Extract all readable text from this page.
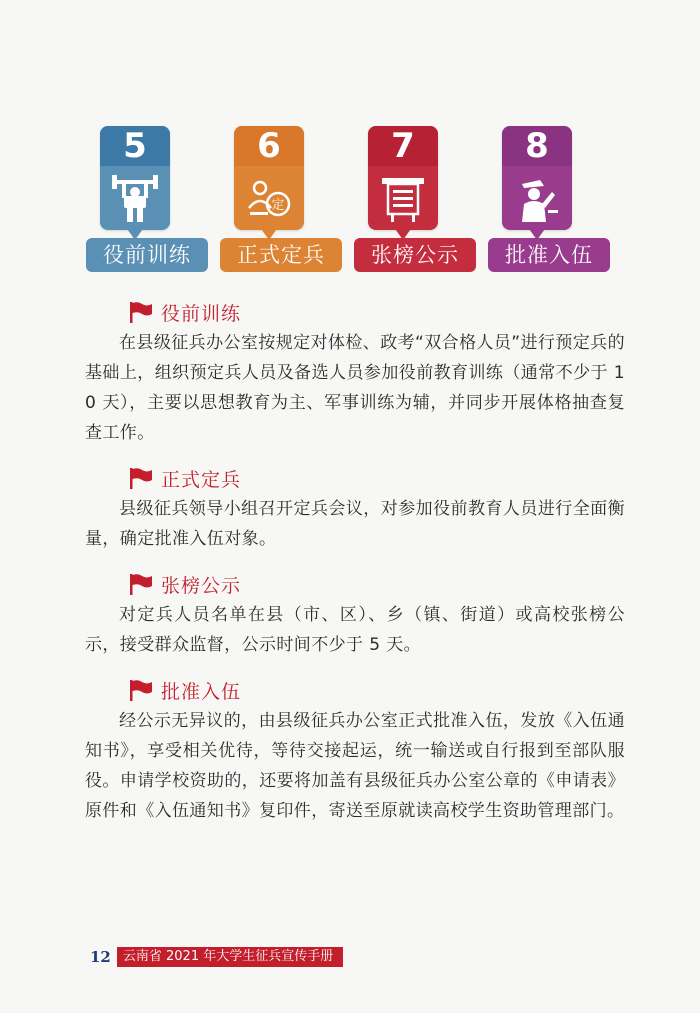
5
役前训练
6
定
正式定兵
7
张榜公示
8
批准入伍
役前训练

在县级征兵办公室按规定对体检、政考“双合格人员”进行预定兵的基础上，组织预定兵人员及备选人员参加役前教育训练（通常不少于 1 0 天），主要以思想教育为主、军事训练为辅，并同步开展体格抽查复查工作。

正式定兵

县级征兵领导小组召开定兵会议，对参加役前教育人员进行全面衡量，确定批准入伍对象。

张榜公示

对定兵人员名单在县（市、区）、乡（镇、街道）或高校张榜公示，接受群众监督，公示时间不少于 5 天。

批准入伍

经公示无异议的，由县级征兵办公室正式批准入伍，发放《入伍通知书》，享受相关优待，等待交接起运，统一输送或自行报到至部队服役。申请学校资助的，还要将加盖有县级征兵办公室公章的《申请表》原件和《入伍通知书》复印件，寄送至原就读高校学生资助管理部门。

12 云南省 2021 年大学生征兵宣传手册
